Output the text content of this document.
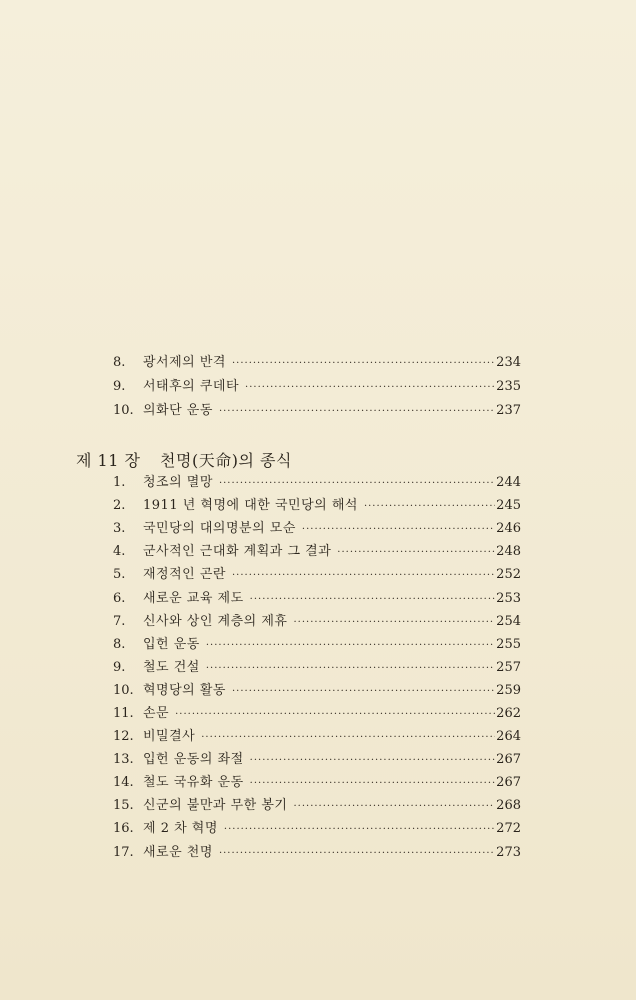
8.	광서제의 반격 ·····	234
9.	서태후의 쿠데타 ·····	235
10. 의화단 운동 ·····	237
제 11 장 천명(天命)의 종식
1.	청조의 멸망 ·····	244
2.	1911 년 혁명에 대한 국민당의 해석 ·····	245
3.	국민당의 대의명분의 모순 ·····	246
4.	군사적인 근대화 계획과 그 결과 ·····	248
5.	재정적인 곤란 ·····	252
6.	새로운 교육 제도 ·····	253
7.	신사와 상인 계층의 제휴 ·····	254
8.	입헌 운동 ·····	255
9.	철도 건설 ·····	257
10. 혁명당의 활동 ·····	259
11. 손문 ·····	262
12. 비밀결사 ·····	264
13. 입헌 운동의 좌절 ·····	267
14. 철도 국유화 운동 ·····	267
15. 신군의 불만과 무한 봉기 ·····	268
16. 제 2 차 혁명 ·····	272
17. 새로운 천명 ·····	273
